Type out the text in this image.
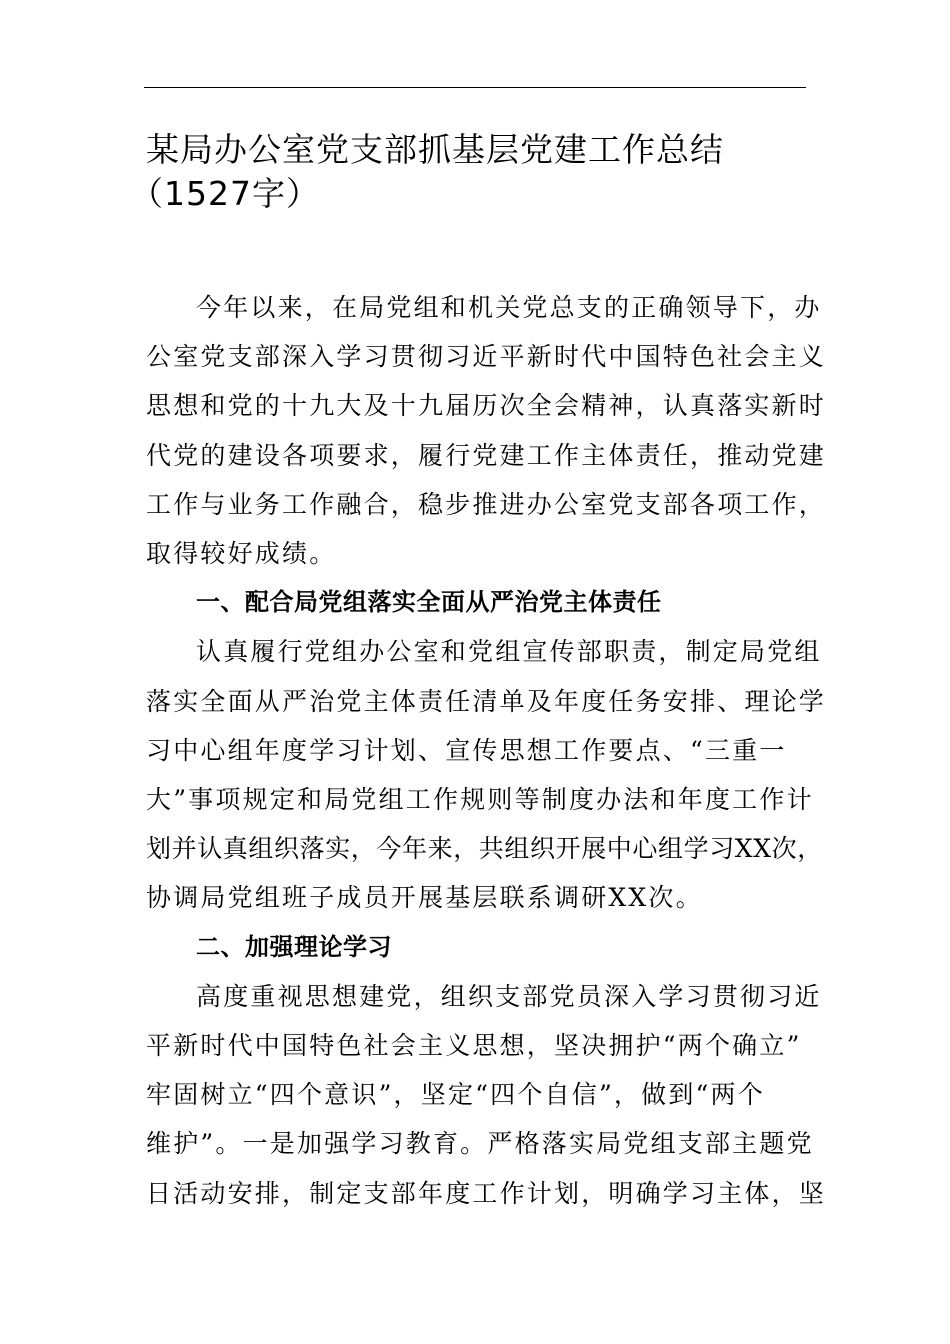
某局办公室党支部抓基层党建工作总结
（1527字）

今年以来，在局党组和机关党总支的正确领导下，办
公室党支部深入学习贯彻习近平新时代中国特色社会主义
思想和党的十九大及十九届历次全会精神，认真落实新时
代党的建设各项要求，履行党建工作主体责任，推动党建
工作与业务工作融合，稳步推进办公室党支部各项工作，
取得较好成绩。

一、配合局党组落实全面从严治党主体责任

认真履行党组办公室和党组宣传部职责，制定局党组
落实全面从严治党主体责任清单及年度任务安排、理论学
习中心组年度学习计划、宣传思想工作要点、“三重一
大”事项规定和局党组工作规则等制度办法和年度工作计
划并认真组织落实，今年来，共组织开展中心组学习XX次，
协调局党组班子成员开展基层联系调研XX次。

二、加强理论学习

高度重视思想建党，组织支部党员深入学习贯彻习近
平新时代中国特色社会主义思想，坚决拥护“两个确立”
牢固树立“四个意识”，坚定“四个自信”，做到“两个
维护”。一是加强学习教育。严格落实局党组支部主题党
日活动安排，制定支部年度工作计划，明确学习主体，坚
